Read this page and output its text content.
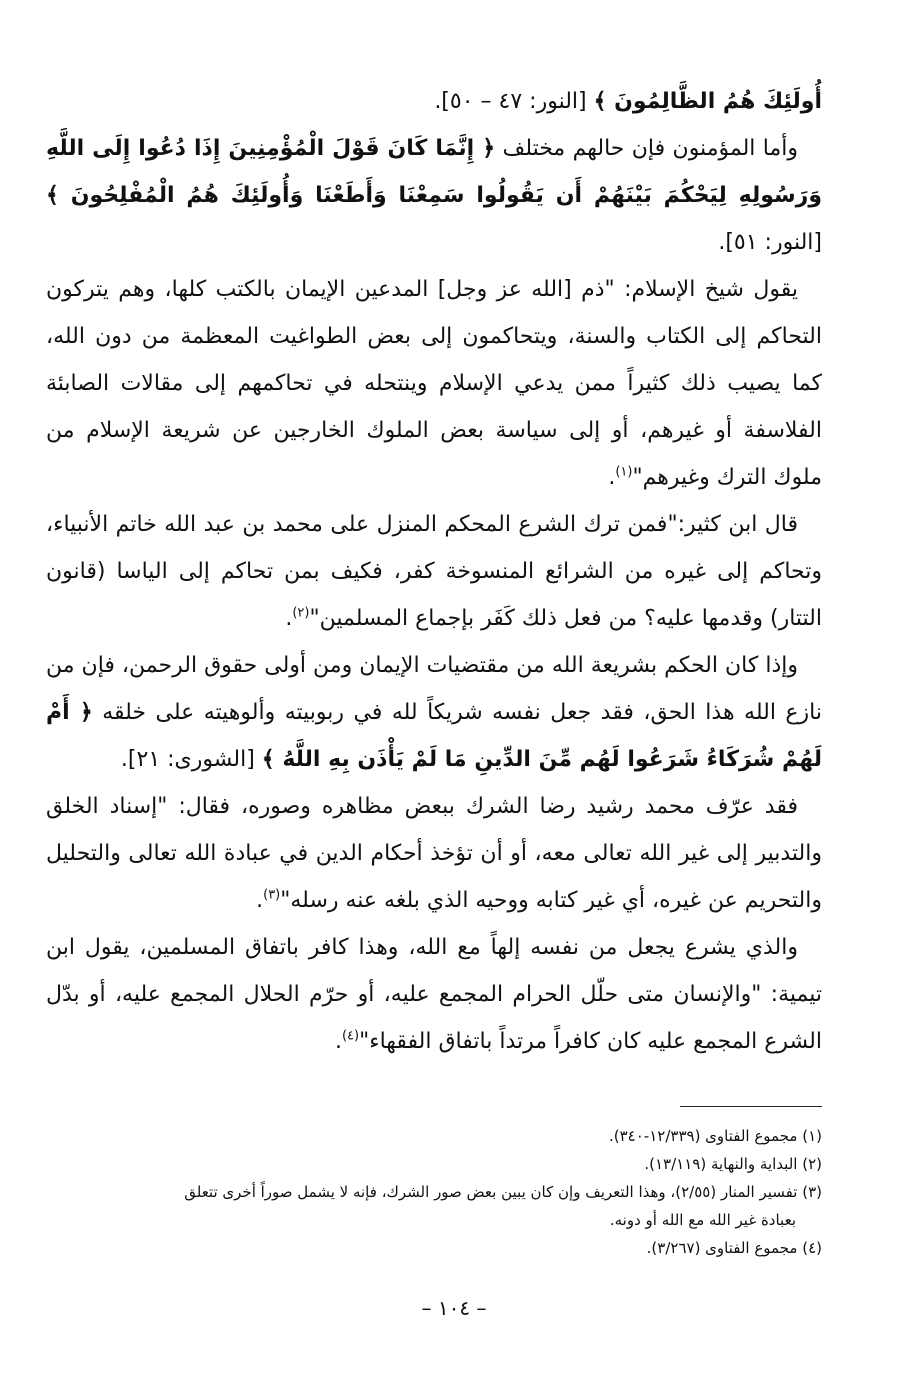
أُولَئِكَ هُمُ الظَّالِمُونَ ﴾ [النور: ٤٧ – ٥٠].

وأما المؤمنون فإن حالهم مختلف ﴿ إِنَّمَا كَانَ قَوْلَ الْمُؤْمِنِينَ إِذَا دُعُوا إِلَى اللَّهِ وَرَسُولِهِ لِيَحْكُمَ بَيْنَهُمْ أَن يَقُولُوا سَمِعْنَا وَأَطَعْنَا وَأُولَئِكَ هُمُ الْمُفْلِحُونَ ﴾ [النور: ٥١].

يقول شيخ الإسلام: "ذم [الله عز وجل] المدعين الإيمان بالكتب كلها، وهم يتركون التحاكم إلى الكتاب والسنة، ويتحاكمون إلى بعض الطواغيت المعظمة من دون الله، كما يصيب ذلك كثيراً ممن يدعي الإسلام وينتحله في تحاكمهم إلى مقالات الصابئة الفلاسفة أو غيرهم، أو إلى سياسة بعض الملوك الخارجين عن شريعة الإسلام من ملوك الترك وغيرهم"$^{(١)}$.

قال ابن كثير:"فمن ترك الشرع المحكم المنزل على محمد بن عبد الله خاتم الأنبياء، وتحاكم إلى غيره من الشرائع المنسوخة كفر، فكيف بمن تحاكم إلى الياسا (قانون التتار) وقدمها عليه؟ من فعل ذلك كَفَر بإجماع المسلمين"$^{(٢)}$.

وإذا كان الحكم بشريعة الله من مقتضيات الإيمان ومن أولى حقوق الرحمن، فإن من نازع الله هذا الحق، فقد جعل نفسه شريكاً لله في ربوبيته وألوهيته على خلقه ﴿ أَمْ لَهُمْ شُرَكَاءُ شَرَعُوا لَهُم مِّنَ الدِّينِ مَا لَمْ يَأْذَن بِهِ اللَّهُ ﴾ [الشورى: ٢١].

فقد عرّف محمد رشيد رضا الشرك ببعض مظاهره وصوره، فقال: "إسناد الخلق والتدبير إلى غير الله تعالى معه، أو أن تؤخذ أحكام الدين في عبادة الله تعالى والتحليل والتحريم عن غيره، أي غير كتابه ووحيه الذي بلغه عنه رسله"$^{(٣)}$.

والذي يشرع يجعل من نفسه إلهاً مع الله، وهذا كافر باتفاق المسلمين، يقول ابن تيمية: "والإنسان متى حلّل الحرام المجمع عليه، أو حرّم الحلال المجمع عليه، أو بدّل الشرع المجمع عليه كان كافراً مرتداً باتفاق الفقهاء"$^{(٤)}$.

(١) مجموع الفتاوى (١٢/٣٣٩-٣٤٠).

(٢) البداية والنهاية (١٣/١١٩).

(٣) تفسير المنار (٢/٥٥)، وهذا التعريف وإن كان يبين بعض صور الشرك، فإنه لا يشمل صوراً أخرى تتعلق

بعبادة غير الله مع الله أو دونه.

(٤) مجموع الفتاوى (٣/٢٦٧).

– ١٠٤ –
